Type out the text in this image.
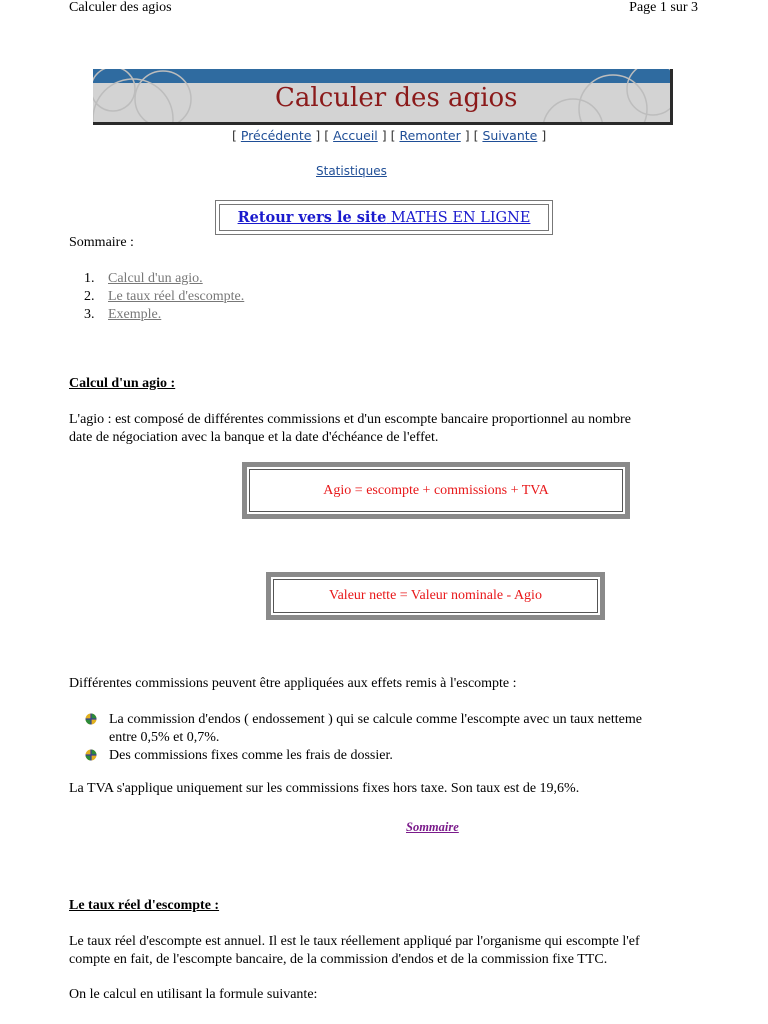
Calculer des agios	Page 1 sur 3
Calculer des agios
[ Précédente ] [ Accueil ] [ Remonter ] [ Suivante ]
Statistiques
Retour vers le site MATHS EN LIGNE
Sommaire :
1. Calcul d'un agio.
2. Le taux réel d'escompte.
3. Exemple.
Calcul d'un agio :
L'agio : est composé de différentes commissions et d'un escompte bancaire proportionnel au nombre
date de négociation avec la banque et la date d'échéance de l'effet.
Agio = escompte + commissions + TVA
Valeur nette = Valeur nominale - Agio
Différentes commissions peuvent être appliquées aux effets remis à l'escompte :
La commission d'endos ( endossement ) qui se calcule comme l'escompte avec un taux netteme
entre 0,5% et 0,7%.
Des commissions fixes comme les frais de dossier.
La TVA s'applique uniquement sur les commissions fixes hors taxe. Son taux est de 19,6%.
Sommaire
Le taux réel d'escompte :
Le taux réel d'escompte est annuel. Il est le taux réellement appliqué par l'organisme qui escompte l'ef
compte en fait, de l'escompte bancaire, de la commission d'endos et de la commission fixe TTC.
On le calcul en utilisant la formule suivante:
